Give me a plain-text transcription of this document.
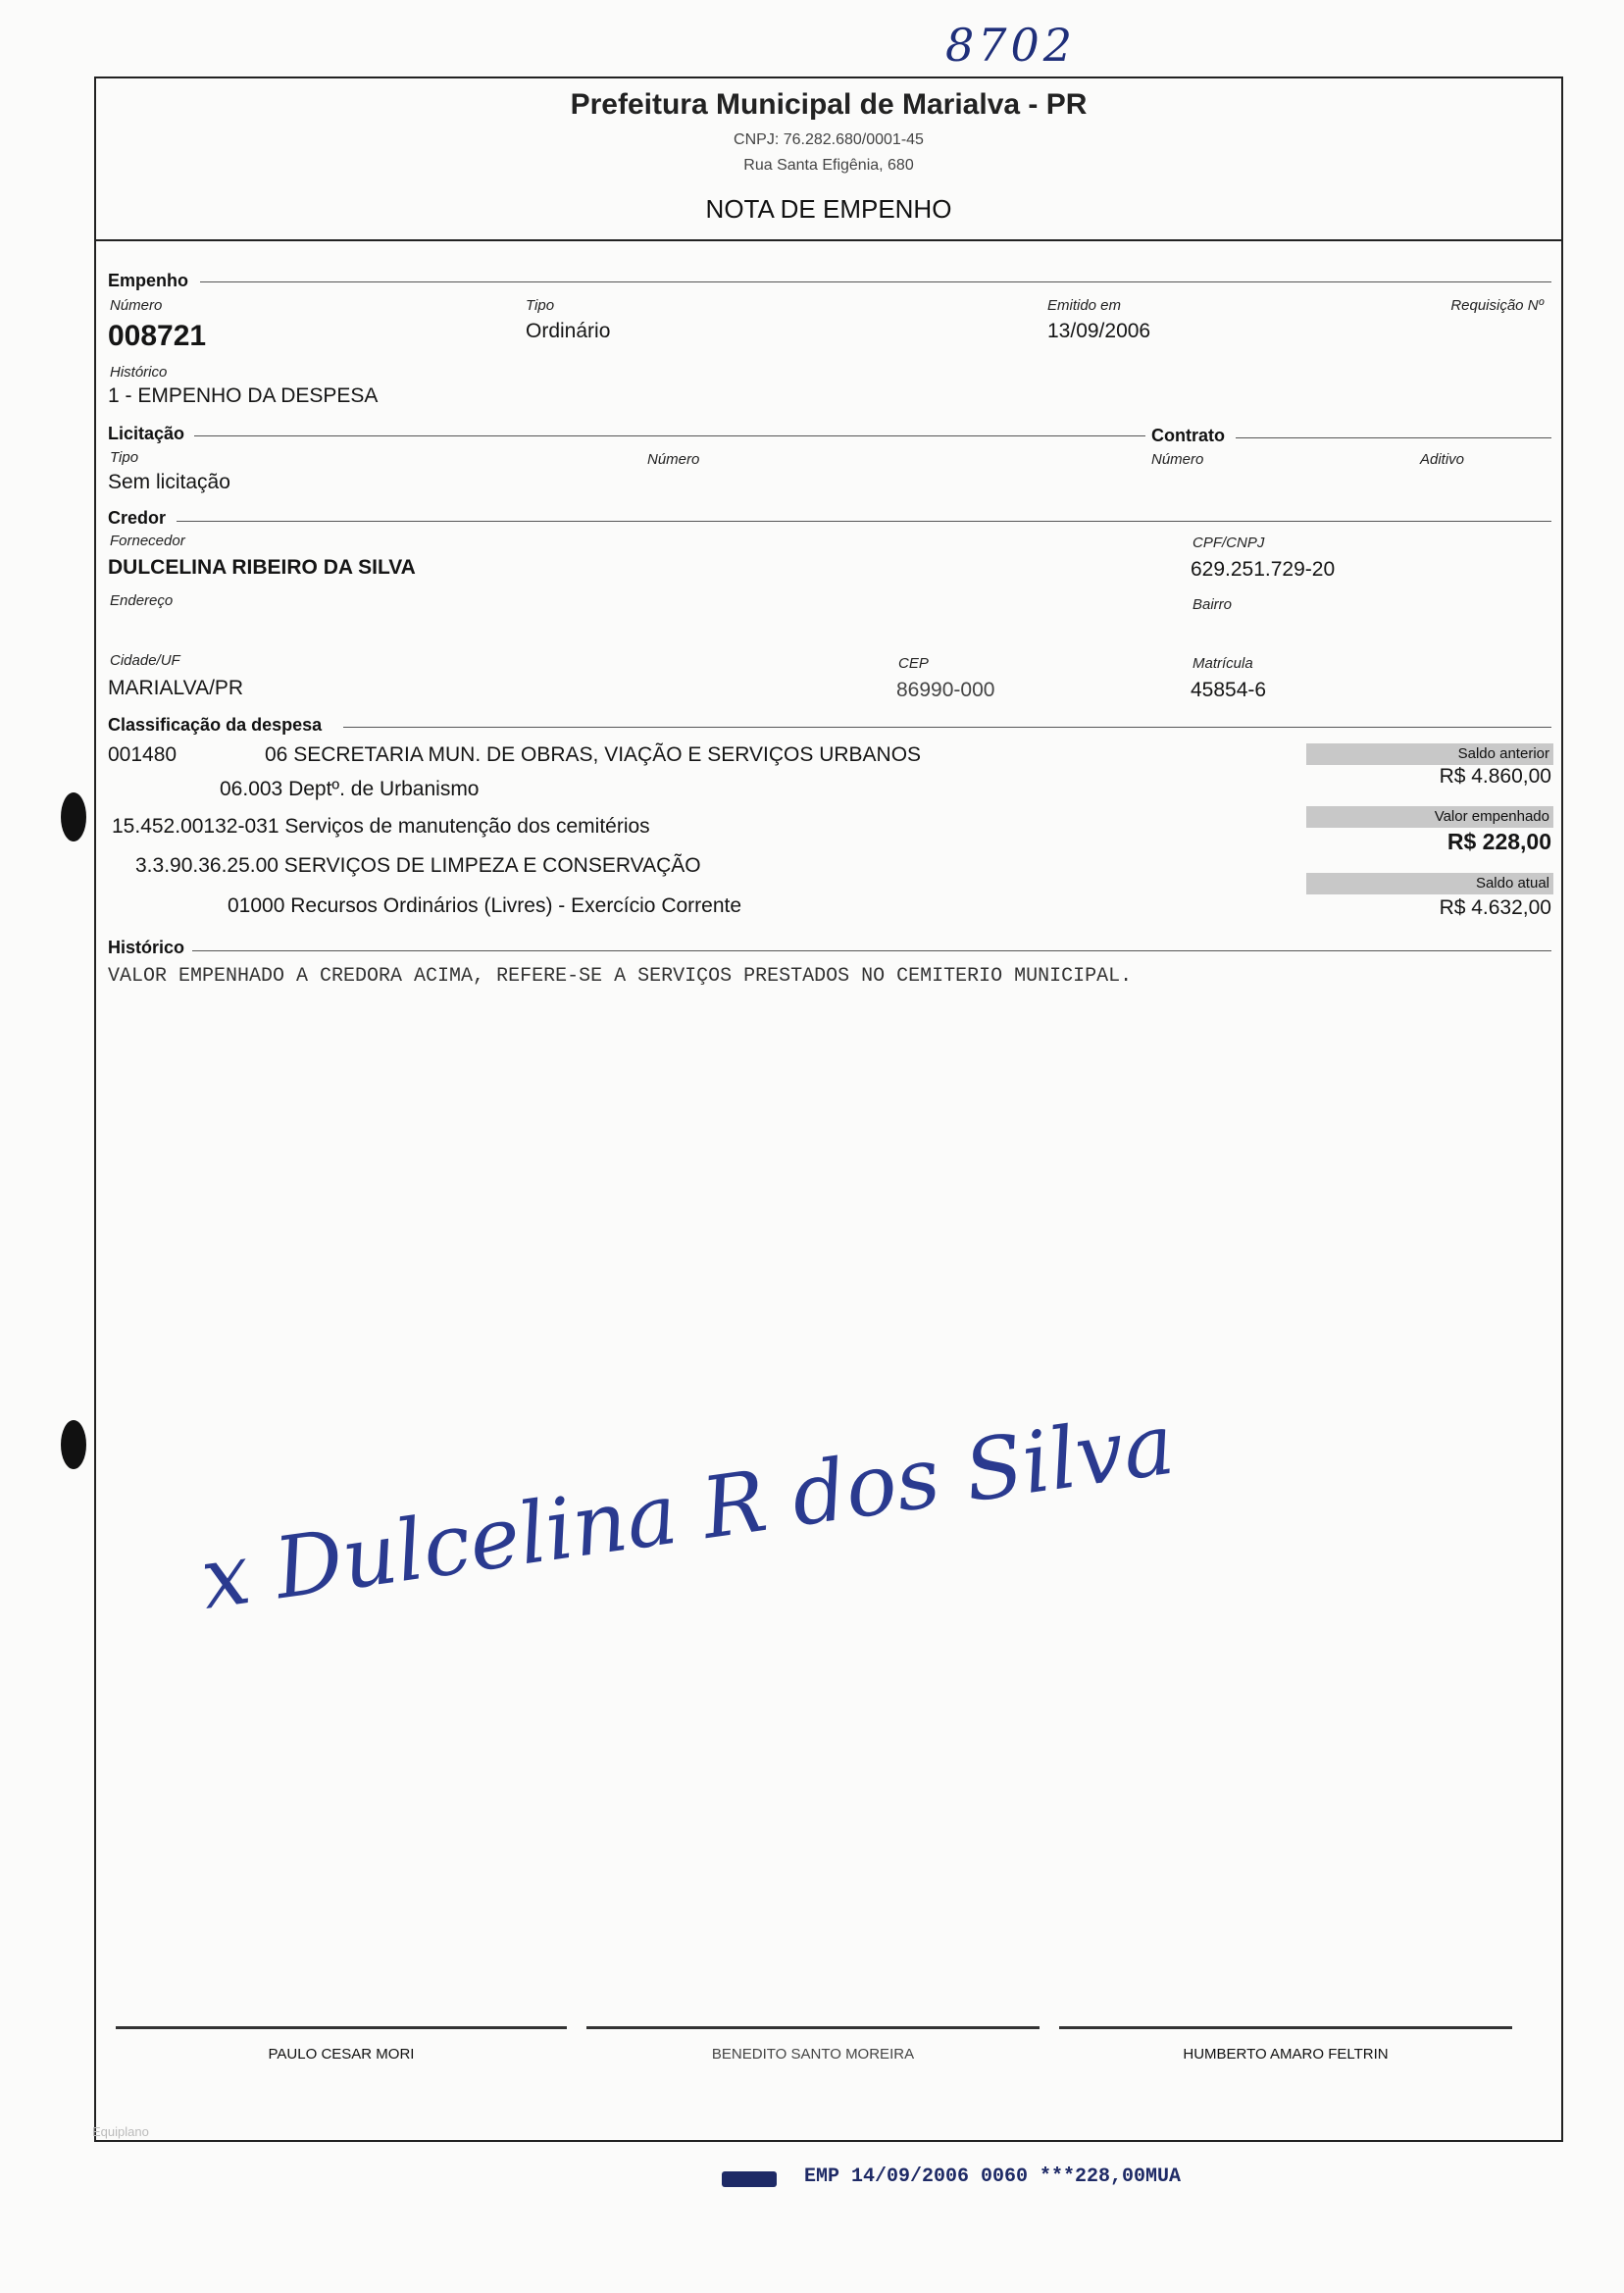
8702
Prefeitura Municipal de Marialva - PR
CNPJ: 76.282.680/0001-45
Rua Santa Efigênia, 680
NOTA DE EMPENHO
Empenho
Número
008721
Tipo
Ordinário
Emitido em
13/09/2006
Requisição Nº
Histórico
1 - EMPENHO DA DESPESA
Licitação	Contrato
Tipo
Sem licitação
Número	Número	Aditivo
Credor
Fornecedor
DULCELINA RIBEIRO DA SILVA
CPF/CNPJ
629.251.729-20
Endereço	Bairro
Cidade/UF
MARIALVA/PR
CEP
86990-000
Matrícula
45854-6
Classificação da despesa
001480	06 SECRETARIA MUN. DE OBRAS, VIAÇÃO E SERVIÇOS URBANOS
06.003 Deptº. de Urbanismo
15.452.00132-031 Serviços de manutenção dos cemitérios
3.3.90.36.25.00 SERVIÇOS DE LIMPEZA E CONSERVAÇÃO
01000 Recursos Ordinários (Livres) - Exercício Corrente
Saldo anterior
R$ 4.860,00
Valor empenhado
R$ 228,00
Saldo atual
R$ 4.632,00
Histórico
VALOR EMPENHADO A CREDORA ACIMA, REFERE-SE A SERVIÇOS PRESTADOS NO CEMITERIO MUNICIPAL.
x Dulcelina R dos Silva
PAULO CESAR MORI	BENEDITO SANTO MOREIRA	HUMBERTO AMARO FELTRIN
Equiplano
EMP 14/09/2006 0060 ***228,00MUA
